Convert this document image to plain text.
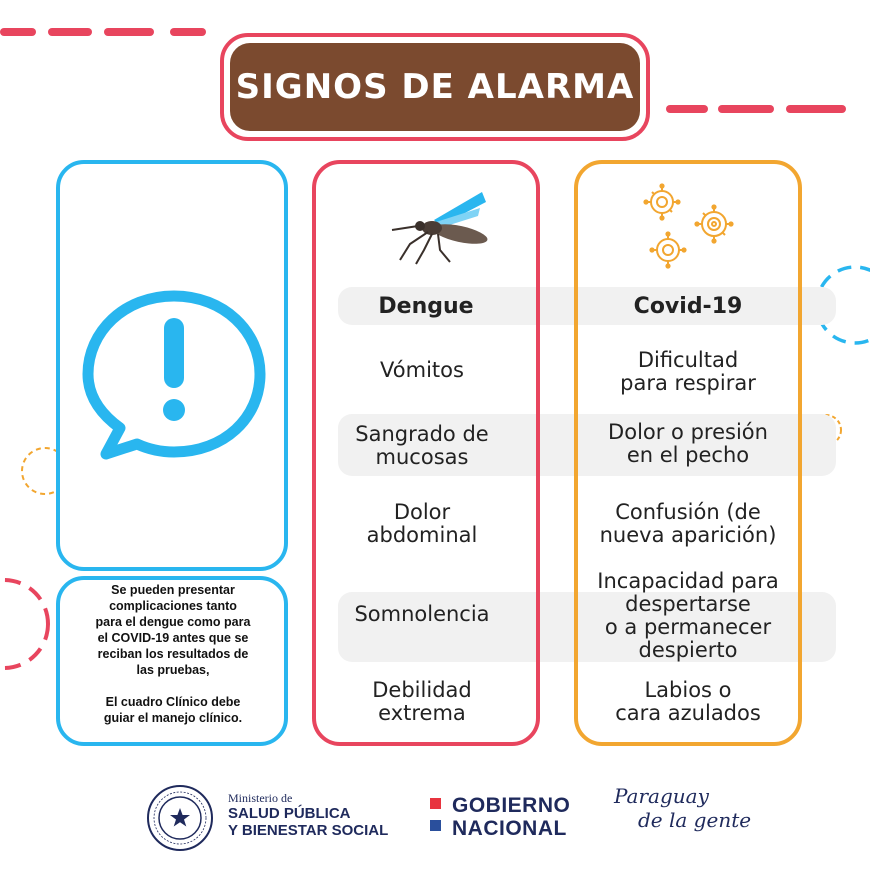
SIGNOS DE ALARMA
Se pueden presentar
complicaciones tanto
para el dengue como para
el COVID-19 antes que se
reciban los resultados de
las pruebas,
El cuadro Clínico debe
guiar el manejo clínico.
Dengue	Covid-19
Vómitos
Sangrado de
mucosas
Dolor
abdominal
Somnolencia
Debilidad
extrema
Dificultad
para respirar
Dolor o presión
en el pecho
Confusión (de
nueva aparición)
Incapacidad para
despertarse
o a permanecer
despierto
Labios o
cara azulados
Ministerio de
SALUD PÚBLICA
Y BIENESTAR SOCIAL
GOBIERNO
NACIONAL
Paraguay
de la gente
